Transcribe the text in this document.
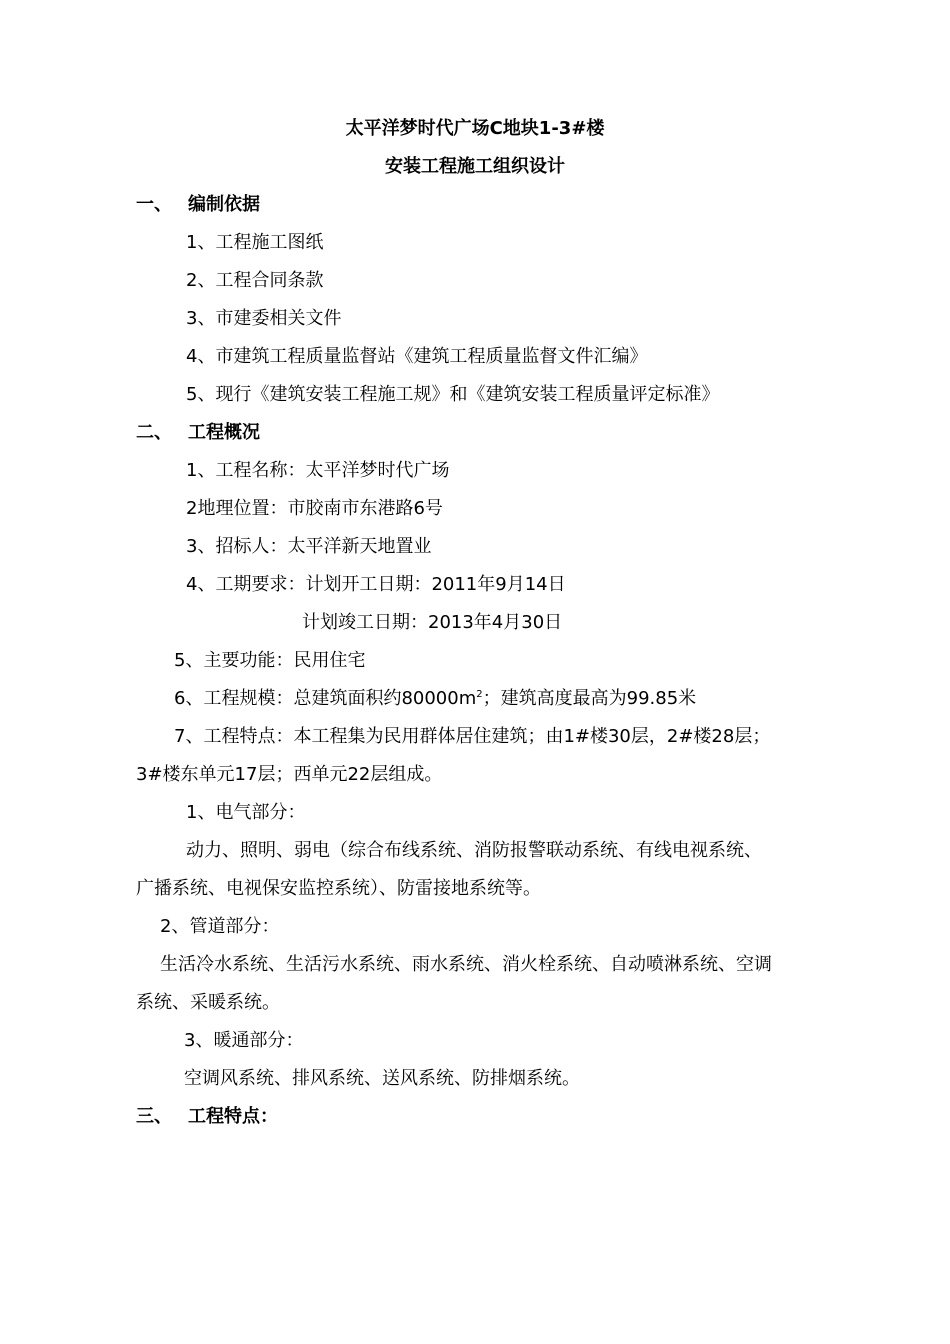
太平洋梦时代广场C地块1-3#楼
安装工程施工组织设计
一、 编制依据
1、工程施工图纸
2、工程合同条款
3、市建委相关文件
4、市建筑工程质量监督站《建筑工程质量监督文件汇编》
5、现行《建筑安装工程施工规》和《建筑安装工程质量评定标准》
二、 工程概况
1、工程名称：太平洋梦时代广场
2地理位置：市胶南市东港路6号
3、招标人：太平洋新天地置业
4、工期要求：计划开工日期：2011年9月14日
计划竣工日期：2013年4月30日
5、主要功能：民用住宅
6、工程规模：总建筑面积约$80000m^2$；建筑高度最高为99.85米
7、工程特点：本工程集为民用群体居住建筑；由1#楼30层，2#楼28层；
3#楼东单元17层；西单元22层组成。
1、电气部分：
动力、照明、弱电（综合布线系统、消防报警联动系统、有线电视系统、
广播系统、电视保安监控系统）、防雷接地系统等。
2、管道部分：
生活冷水系统、生活污水系统、雨水系统、消火栓系统、自动喷淋系统、空调
系统、采暖系统。
3、暖通部分：
空调风系统、排风系统、送风系统、防排烟系统。
三、 工程特点：
